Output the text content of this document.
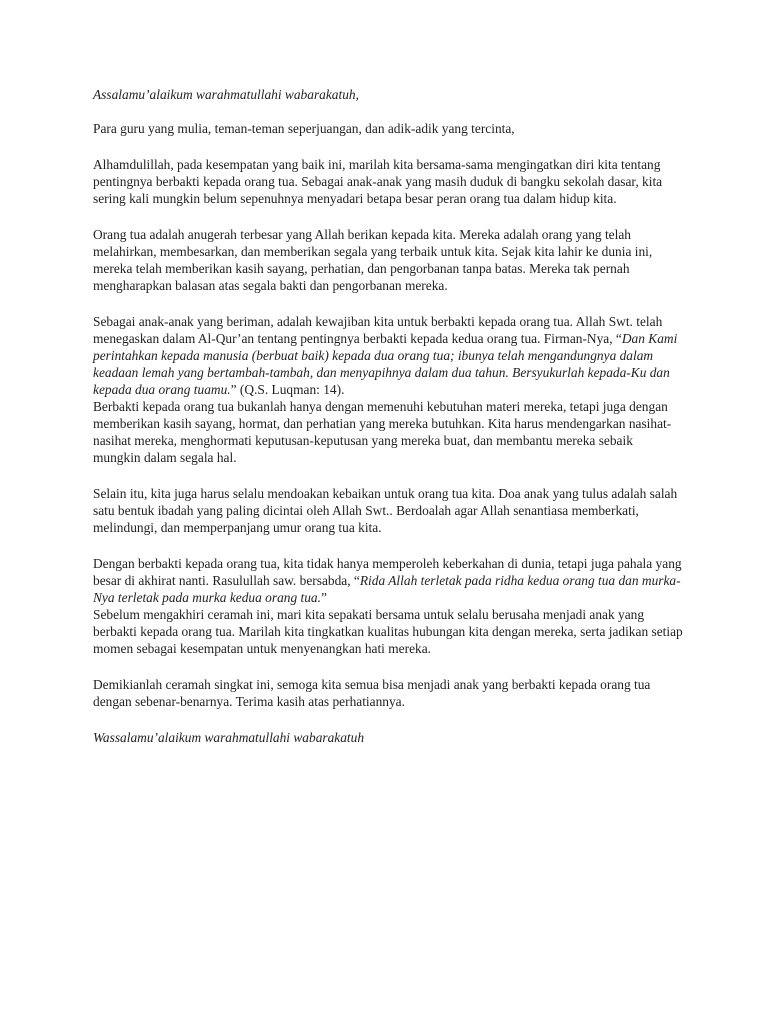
Assalamu’alaikum warahmatullahi wabarakatuh,

Para guru yang mulia, teman-teman seperjuangan, dan adik-adik yang tercinta,

Alhamdulillah, pada kesempatan yang baik ini, marilah kita bersama-sama mengingatkan diri kita tentang pentingnya berbakti kepada orang tua. Sebagai anak-anak yang masih duduk di bangku sekolah dasar, kita sering kali mungkin belum sepenuhnya menyadari betapa besar peran orang tua dalam hidup kita.

Orang tua adalah anugerah terbesar yang Allah berikan kepada kita. Mereka adalah orang yang telah melahirkan, membesarkan, dan memberikan segala yang terbaik untuk kita. Sejak kita lahir ke dunia ini, mereka telah memberikan kasih sayang, perhatian, dan pengorbanan tanpa batas. Mereka tak pernah mengharapkan balasan atas segala bakti dan pengorbanan mereka.

Sebagai anak-anak yang beriman, adalah kewajiban kita untuk berbakti kepada orang tua. Allah Swt. telah menegaskan dalam Al-Qur’an tentang pentingnya berbakti kepada kedua orang tua. Firman-Nya, “Dan Kami perintahkan kepada manusia (berbuat baik) kepada dua orang tua; ibunya telah mengandungnya dalam keadaan lemah yang bertambah-tambah, dan menyapihnya dalam dua tahun. Bersyukurlah kepada-Ku dan kepada dua orang tuamu.” (Q.S. Luqman: 14).

Berbakti kepada orang tua bukanlah hanya dengan memenuhi kebutuhan materi mereka, tetapi juga dengan memberikan kasih sayang, hormat, dan perhatian yang mereka butuhkan. Kita harus mendengarkan nasihat-nasihat mereka, menghormati keputusan-keputusan yang mereka buat, dan membantu mereka sebaik mungkin dalam segala hal.

Selain itu, kita juga harus selalu mendoakan kebaikan untuk orang tua kita. Doa anak yang tulus adalah salah satu bentuk ibadah yang paling dicintai oleh Allah Swt.. Berdoalah agar Allah senantiasa memberkati, melindungi, dan memperpanjang umur orang tua kita.

Dengan berbakti kepada orang tua, kita tidak hanya memperoleh keberkahan di dunia, tetapi juga pahala yang besar di akhirat nanti. Rasulullah saw. bersabda, “Rida Allah terletak pada ridha kedua orang tua dan murka-Nya terletak pada murka kedua orang tua.”

Sebelum mengakhiri ceramah ini, mari kita sepakati bersama untuk selalu berusaha menjadi anak yang berbakti kepada orang tua. Marilah kita tingkatkan kualitas hubungan kita dengan mereka, serta jadikan setiap momen sebagai kesempatan untuk menyenangkan hati mereka.

Demikianlah ceramah singkat ini, semoga kita semua bisa menjadi anak yang berbakti kepada orang tua dengan sebenar-benarnya. Terima kasih atas perhatiannya.

Wassalamu’alaikum warahmatullahi wabarakatuh
